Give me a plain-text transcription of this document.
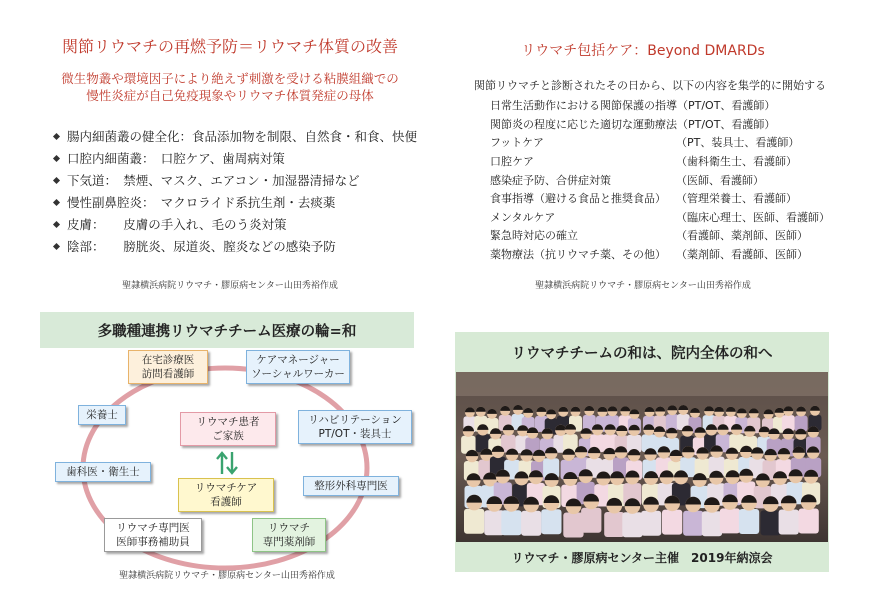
関節リウマチの再燃予防＝リウマチ体質の改善
微生物叢や環境因子により絶えず刺激を受ける粘膜組織での
慢性炎症が自己免疫現象やリウマチ体質発症の母体
腸内細菌叢の健全化：食品添加物を制限、自然食・和食、快便
口腔内細菌叢：　口腔ケア、歯周病対策
下気道：　禁煙、マスク、エアコン・加湿器清掃など
慢性副鼻腔炎：　マクロライド系抗生剤・去痰薬
皮膚：　　皮膚の手入れ、毛のう炎対策
陰部：　　膀胱炎、尿道炎、膣炎などの感染予防
聖隷横浜病院リウマチ・膠原病センター山田秀裕作成
リウマチ包括ケア：Beyond DMARDs
関節リウマチと診断されたその日から、以下の内容を集学的に開始する
日常生活動作における関節保護の指導（PT/OT、看護師）	
関節炎の程度に応じた適切な運動療法（PT/OT、看護師）	
フットケア	（PT、装具士、看護師）
口腔ケア	（歯科衛生士、看護師）
感染症予防、合併症対策	（医師、看護師）
食事指導（避ける食品と推奨食品）	（管理栄養士、看護師）
メンタルケア	（臨床心理士、医師、看護師）
緊急時対応の確立	（看護師、薬剤師、医師）
薬物療法（抗リウマチ薬、その他）	（薬剤師、看護師、医師）
聖隷横浜病院リウマチ・膠原病センター山田秀裕作成
多職種連携リウマチチーム医療の輪=和
在宅診療医
訪問看護師
ケアマネージャー
ソーシャルワーカー
栄養士	リハビリテーション
PT/OT・装具士
リウマチ患者
ご家族
歯科医・衛生士
整形外科専門医
リウマチケア
看護師
リウマチ専門医
医師事務補助員
リウマチ
専門薬剤師
聖隷横浜病院リウマチ・膠原病センター山田秀裕作成
リウマチチームの和は、院内全体の和へ
リウマチ・膠原病センター主催　2019年納涼会
